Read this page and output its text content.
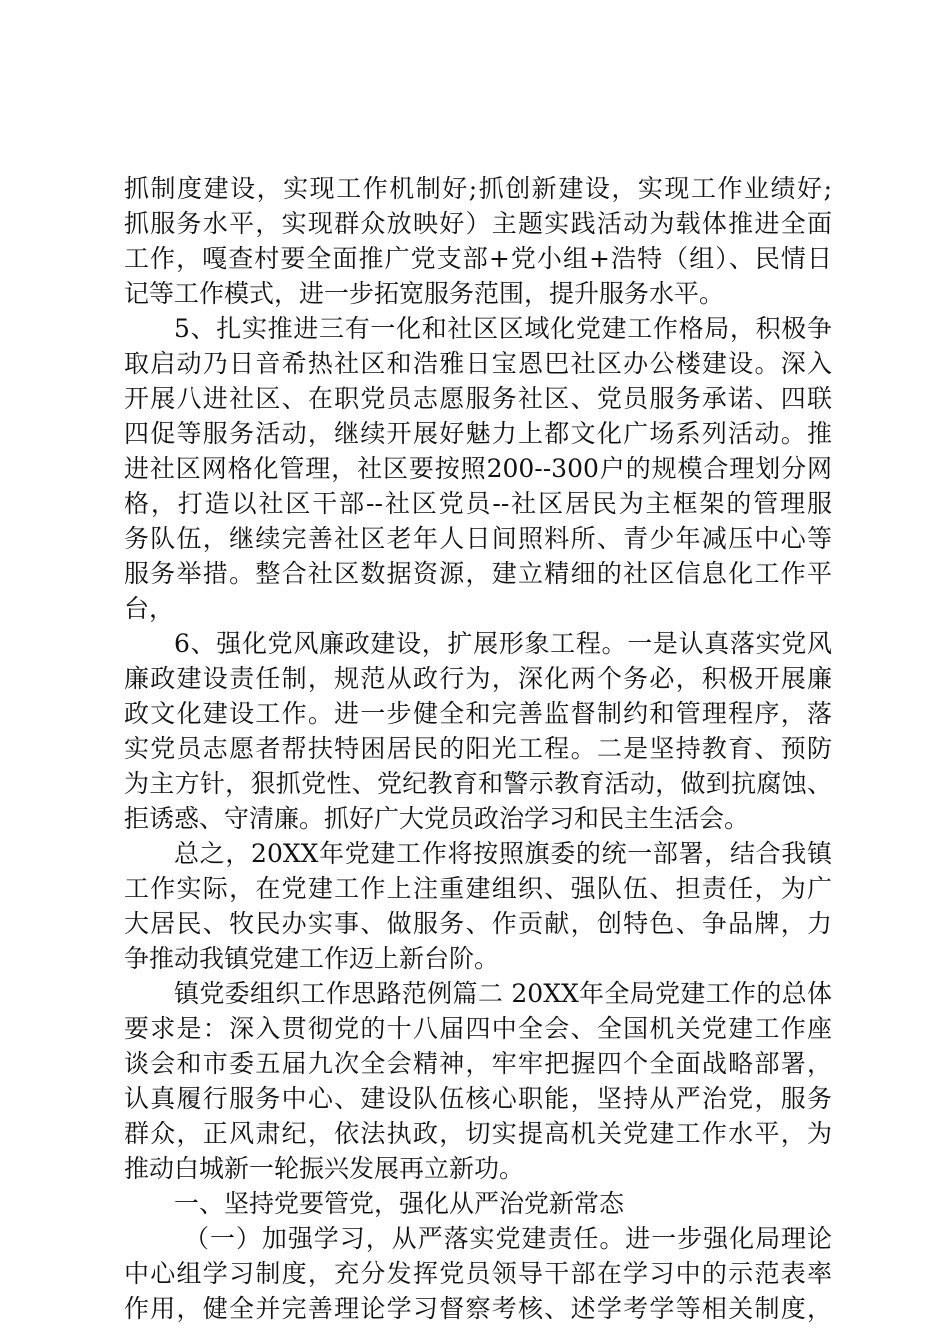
抓制度建设，实现工作机制好;抓创新建设，实现工作业绩好;
抓服务水平，实现群众放映好）主题实践活动为载体推进全面
工作，嘎查村要全面推广党支部+党小组+浩特（组）、民情日
记等工作模式，进一步拓宽服务范围，提升服务水平。
5、扎实推进三有一化和社区区域化党建工作格局，积极争
取启动乃日音希热社区和浩雅日宝恩巴社区办公楼建设。深入
开展八进社区、在职党员志愿服务社区、党员服务承诺、四联
四促等服务活动，继续开展好魅力上都文化广场系列活动。推
进社区网格化管理，社区要按照200--300户的规模合理划分网
格，打造以社区干部--社区党员--社区居民为主框架的管理服
务队伍，继续完善社区老年人日间照料所、青少年减压中心等
服务举措。整合社区数据资源，建立精细的社区信息化工作平
台，
6、强化党风廉政建设，扩展形象工程。一是认真落实党风
廉政建设责任制，规范从政行为，深化两个务必，积极开展廉
政文化建设工作。进一步健全和完善监督制约和管理程序，落
实党员志愿者帮扶特困居民的阳光工程。二是坚持教育、预防
为主方针，狠抓党性、党纪教育和警示教育活动，做到抗腐蚀、
拒诱惑、守清廉。抓好广大党员政治学习和民主生活会。
总之，20XX年党建工作将按照旗委的统一部署，结合我镇
工作实际，在党建工作上注重建组织、强队伍、担责任，为广
大居民、牧民办实事、做服务、作贡献，创特色、争品牌，力
争推动我镇党建工作迈上新台阶。
镇党委组织工作思路范例篇二 20XX年全局党建工作的总体
要求是：深入贯彻党的十八届四中全会、全国机关党建工作座
谈会和市委五届九次全会精神，牢牢把握四个全面战略部署，
认真履行服务中心、建设队伍核心职能，坚持从严治党，服务
群众，正风肃纪，依法执政，切实提高机关党建工作水平，为
推动白城新一轮振兴发展再立新功。
一、坚持党要管党，强化从严治党新常态
（一）加强学习，从严落实党建责任。进一步强化局理论
中心组学习制度，充分发挥党员领导干部在学习中的示范表率
作用，健全并完善理论学习督察考核、述学考学等相关制度，
